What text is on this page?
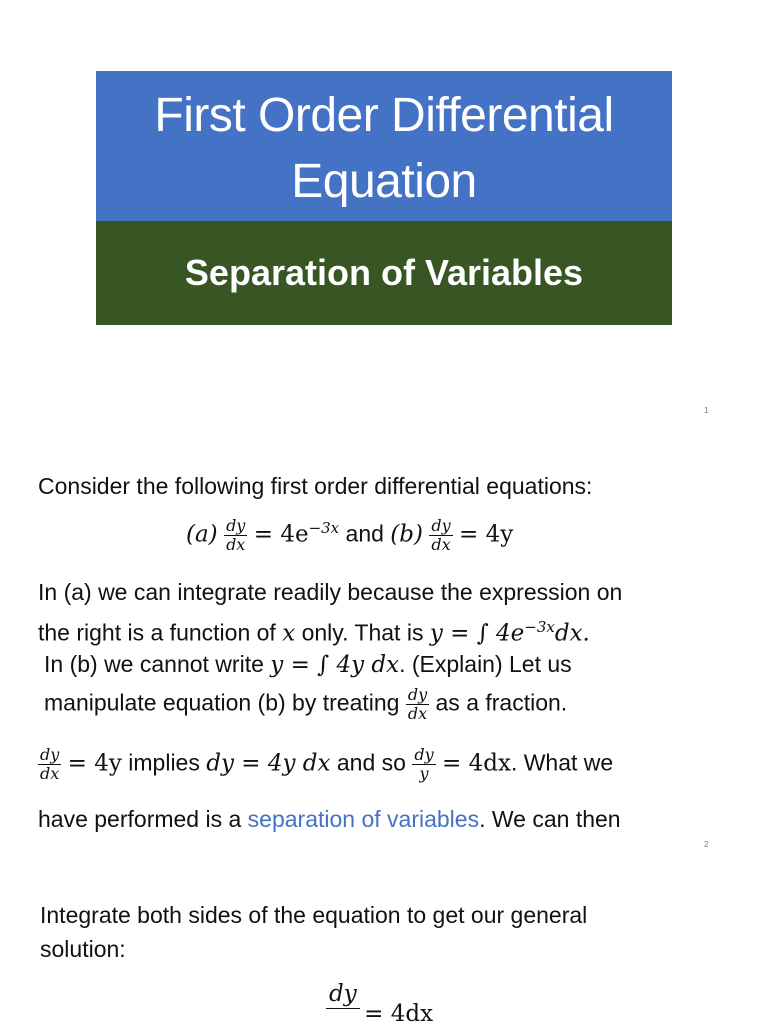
First Order Differential Equation
Separation of Variables
1
Consider the following first order differential equations:
$(a) \frac{dy}{dx} = 4e^{-3x}$ and $(b) \frac{dy}{dx} = 4y$
In (a) we can integrate readily because the expression on
the right is a function of x only. That is y = ∫ $4e^{-3x}dx$.
In (b) we cannot write y = ∫ 4y dx. (Explain) Let us
manipulate equation (b) by treating $\frac{dy}{dx}$ as a fraction.
$\frac{dy}{dx} = 4y$ implies dy = 4y dx and so $\frac{dy}{y} = 4dx$. What we
have performed is a separation of variables. We can then
2
Integrate both sides of the equation to get our general
solution:
dy
= 4dx
